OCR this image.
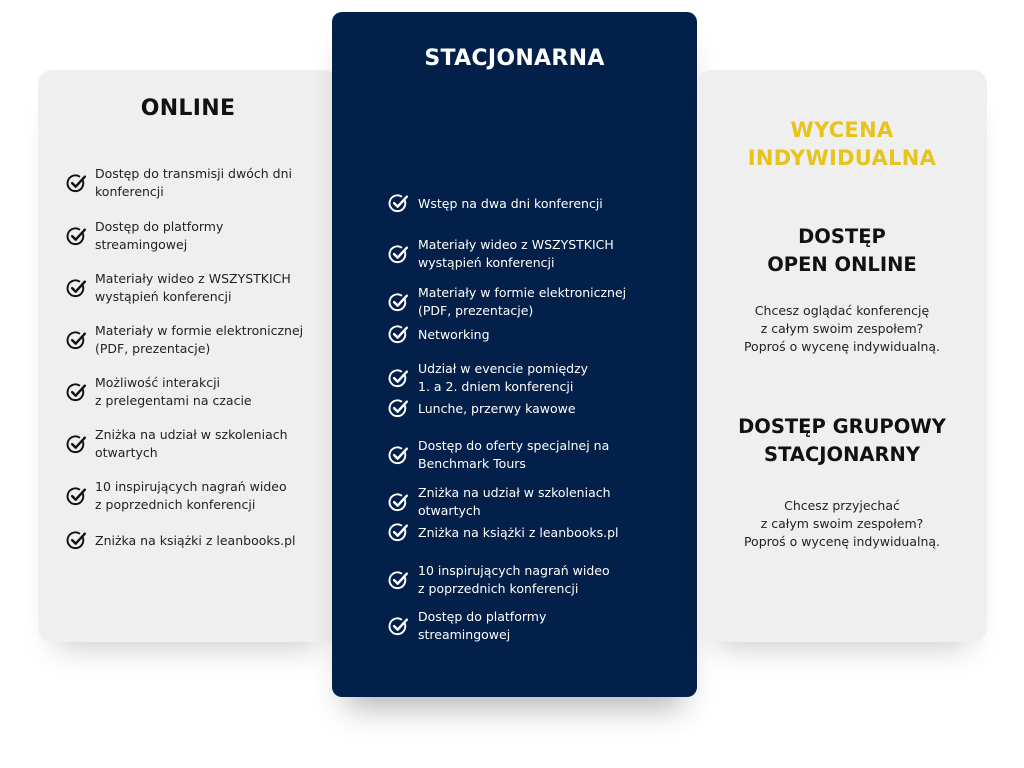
ONLINE
Dostęp do transmisji dwóch dni
konferencji
Dostęp do platformy
streamingowej
Materiały wideo z WSZYSTKICH
wystąpień konferencji
Materiały w formie elektronicznej
(PDF, prezentacje)
Możliwość interakcji
z prelegentami na czacie
Zniżka na udział w szkoleniach
otwartych
10 inspirujących nagrań wideo
z poprzednich konferencji
Zniżka na książki z leanbooks.pl
STACJONARNA
Wstęp na dwa dni konferencji
Materiały wideo z WSZYSTKICH
wystąpień konferencji
Materiały w formie elektronicznej
(PDF, prezentacje)
Networking
Udział w evencie pomiędzy
1. a 2. dniem konferencji
Lunche, przerwy kawowe
Dostęp do oferty specjalnej na
Benchmark Tours
Zniżka na udział w szkoleniach
otwartych
Zniżka na książki z leanbooks.pl
10 inspirujących nagrań wideo
z poprzednich konferencji
Dostęp do platformy
streamingowej
WYCENA
INDYWIDUALNA
DOSTĘP
OPEN ONLINE

Chcesz oglądać konferencję
z całym swoim zespołem?
Poproś o wycenę indywidualną.

DOSTĘP GRUPOWY
STACJONARNY

Chcesz przyjechać
z całym swoim zespołem?
Poproś o wycenę indywidualną.
